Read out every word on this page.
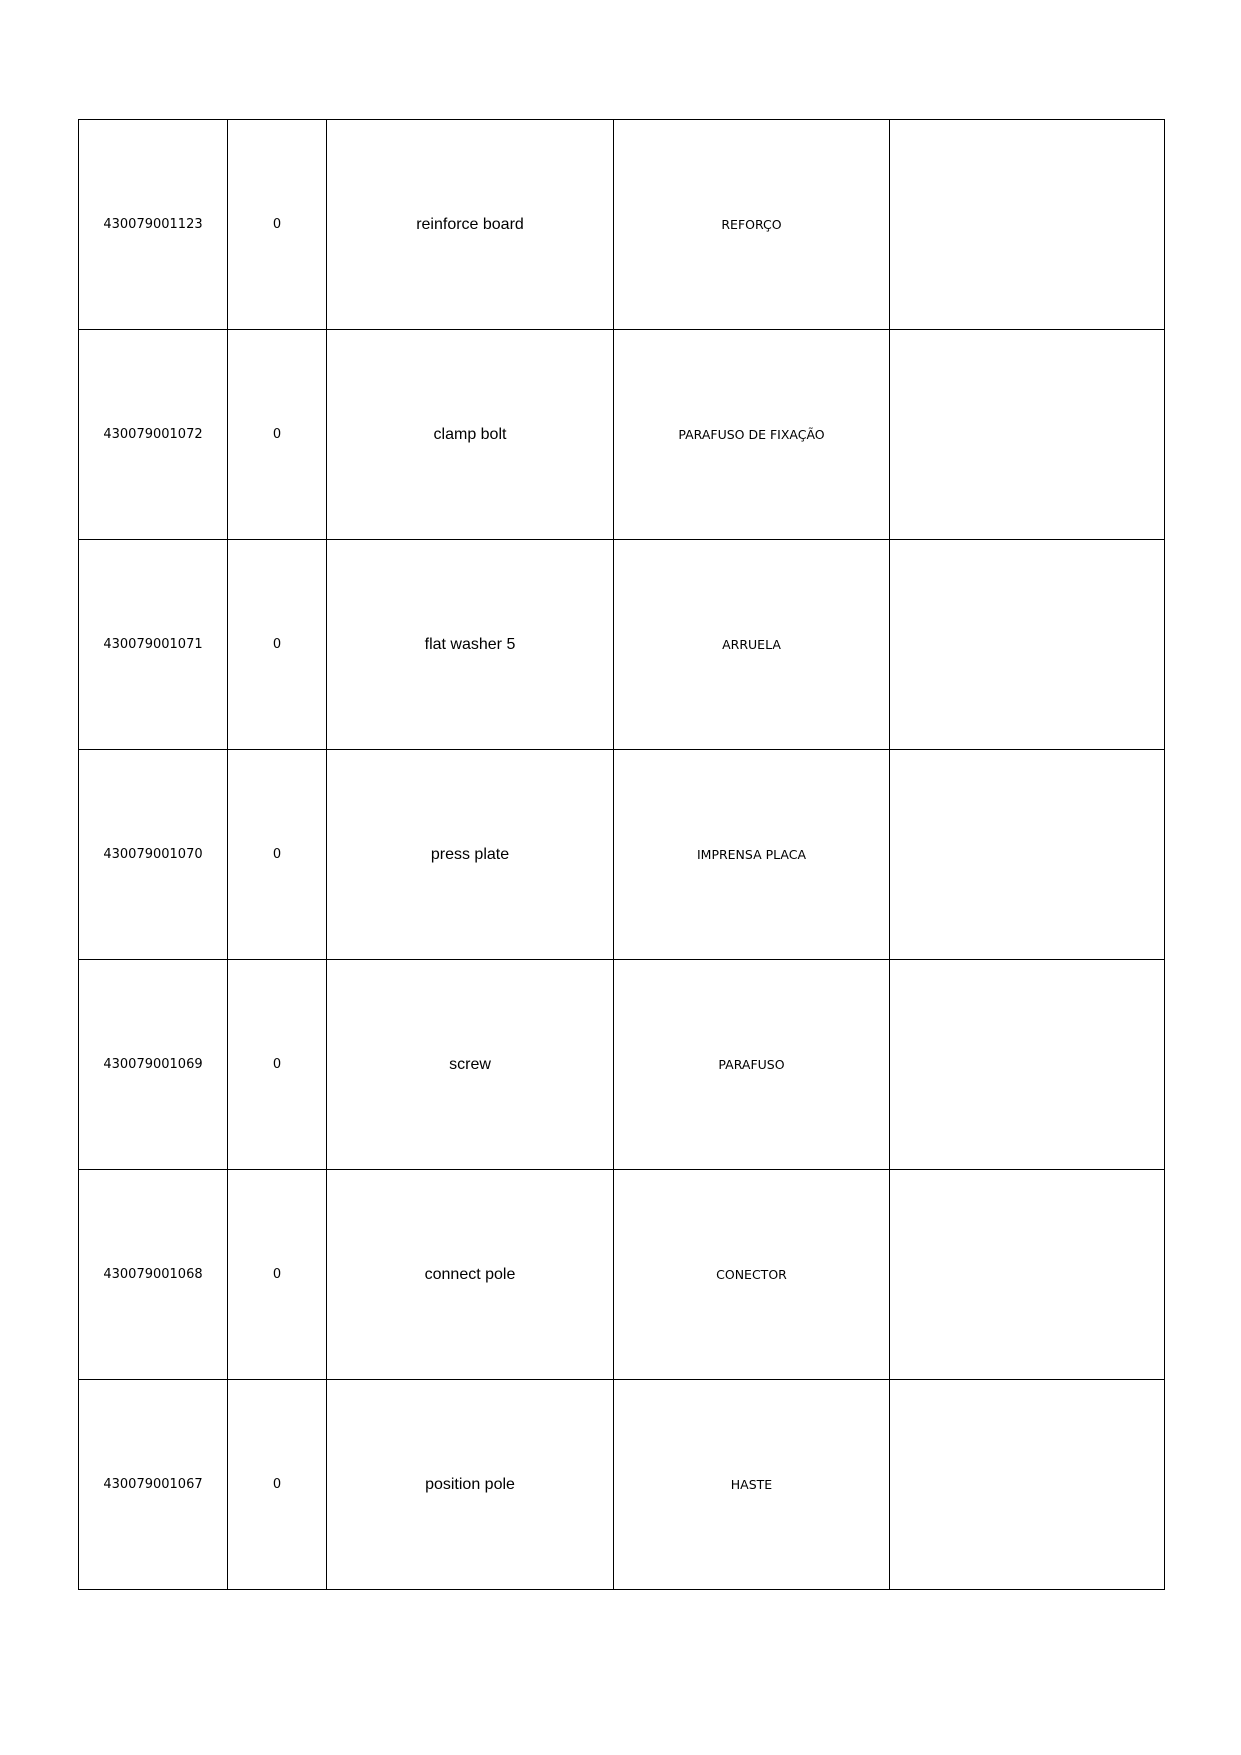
430079001123	0	reinforce board	REFORÇO	
430079001072	0	clamp bolt	PARAFUSO DE FIXAÇÃO	
430079001071	0	flat washer 5	ARRUELA	
430079001070	0	press plate	IMPRENSA PLACA	
430079001069	0	screw	PARAFUSO	
430079001068	0	connect pole	CONECTOR	
430079001067	0	position pole	HASTE	
